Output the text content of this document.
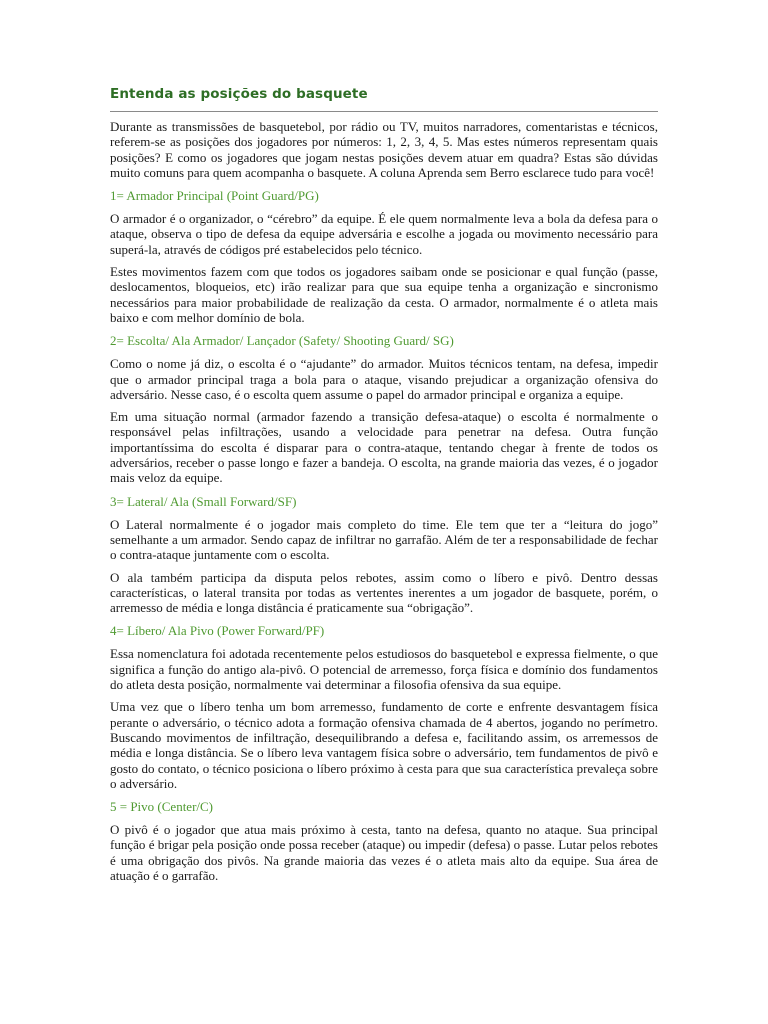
Entenda as posições do basquete

Durante as transmissões de basquetebol, por rádio ou TV, muitos narradores, comentaristas e técnicos, referem-se as posições dos jogadores por números: 1, 2, 3, 4, 5. Mas estes números representam quais posições? E como os jogadores que jogam nestas posições devem atuar em quadra? Estas são dúvidas muito comuns para quem acompanha o basquete. A coluna Aprenda sem Berro esclarece tudo para você!

1= Armador Principal (Point Guard/PG)

O armador é o organizador, o “cérebro” da equipe. É ele quem normalmente leva a bola da defesa para o ataque, observa o tipo de defesa da equipe adversária e escolhe a jogada ou movimento necessário para superá-la, através de códigos pré estabelecidos pelo técnico.

Estes movimentos fazem com que todos os jogadores saibam onde se posicionar e qual função (passe, deslocamentos, bloqueios, etc) irão realizar para que sua equipe tenha a organização e sincronismo necessários para maior probabilidade de realização da cesta. O armador, normalmente é o atleta mais baixo e com melhor domínio de bola.

2= Escolta/ Ala Armador/ Lançador (Safety/ Shooting Guard/ SG)

Como o nome já diz, o escolta é o “ajudante” do armador. Muitos técnicos tentam, na defesa, impedir que o armador principal traga a bola para o ataque, visando prejudicar a organização ofensiva do adversário. Nesse caso, é o escolta quem assume o papel do armador principal e organiza a equipe.

Em uma situação normal (armador fazendo a transição defesa-ataque) o escolta é normalmente o responsável pelas infiltrações, usando a velocidade para penetrar na defesa. Outra função importantíssima do escolta é disparar para o contra-ataque, tentando chegar à frente de todos os adversários, receber o passe longo e fazer a bandeja. O escolta, na grande maioria das vezes, é o jogador mais veloz da equipe.

3= Lateral/ Ala (Small Forward/SF)

O Lateral normalmente é o jogador mais completo do time. Ele tem que ter a “leitura do jogo” semelhante a um armador. Sendo capaz de infiltrar no garrafão. Além de ter a responsabilidade de fechar o contra-ataque juntamente com o escolta.

O ala também participa da disputa pelos rebotes, assim como o líbero e pivô. Dentro dessas características, o lateral transita por todas as vertentes inerentes a um jogador de basquete, porém, o arremesso de média e longa distância é praticamente sua “obrigação”.

4= Líbero/ Ala Pivo (Power Forward/PF)

Essa nomenclatura foi adotada recentemente pelos estudiosos do basquetebol e expressa fielmente, o que significa a função do antigo ala-pivô. O potencial de arremesso, força física e domínio dos fundamentos do atleta desta posição, normalmente vai determinar a filosofia ofensiva da sua equipe.

Uma vez que o líbero tenha um bom arremesso, fundamento de corte e enfrente desvantagem física perante o adversário, o técnico adota a formação ofensiva chamada de 4 abertos, jogando no perímetro. Buscando movimentos de infiltração, desequilibrando a defesa e, facilitando assim, os arremessos de média e longa distância. Se o líbero leva vantagem física sobre o adversário, tem fundamentos de pivô e gosto do contato, o técnico posiciona o líbero próximo à cesta para que sua característica prevaleça sobre o adversário.

5 = Pivo (Center/C)

O pivô é o jogador que atua mais próximo à cesta, tanto na defesa, quanto no ataque. Sua principal função é brigar pela posição onde possa receber (ataque) ou impedir (defesa) o passe. Lutar pelos rebotes é uma obrigação dos pivôs. Na grande maioria das vezes é o atleta mais alto da equipe. Sua área de atuação é o garrafão.
